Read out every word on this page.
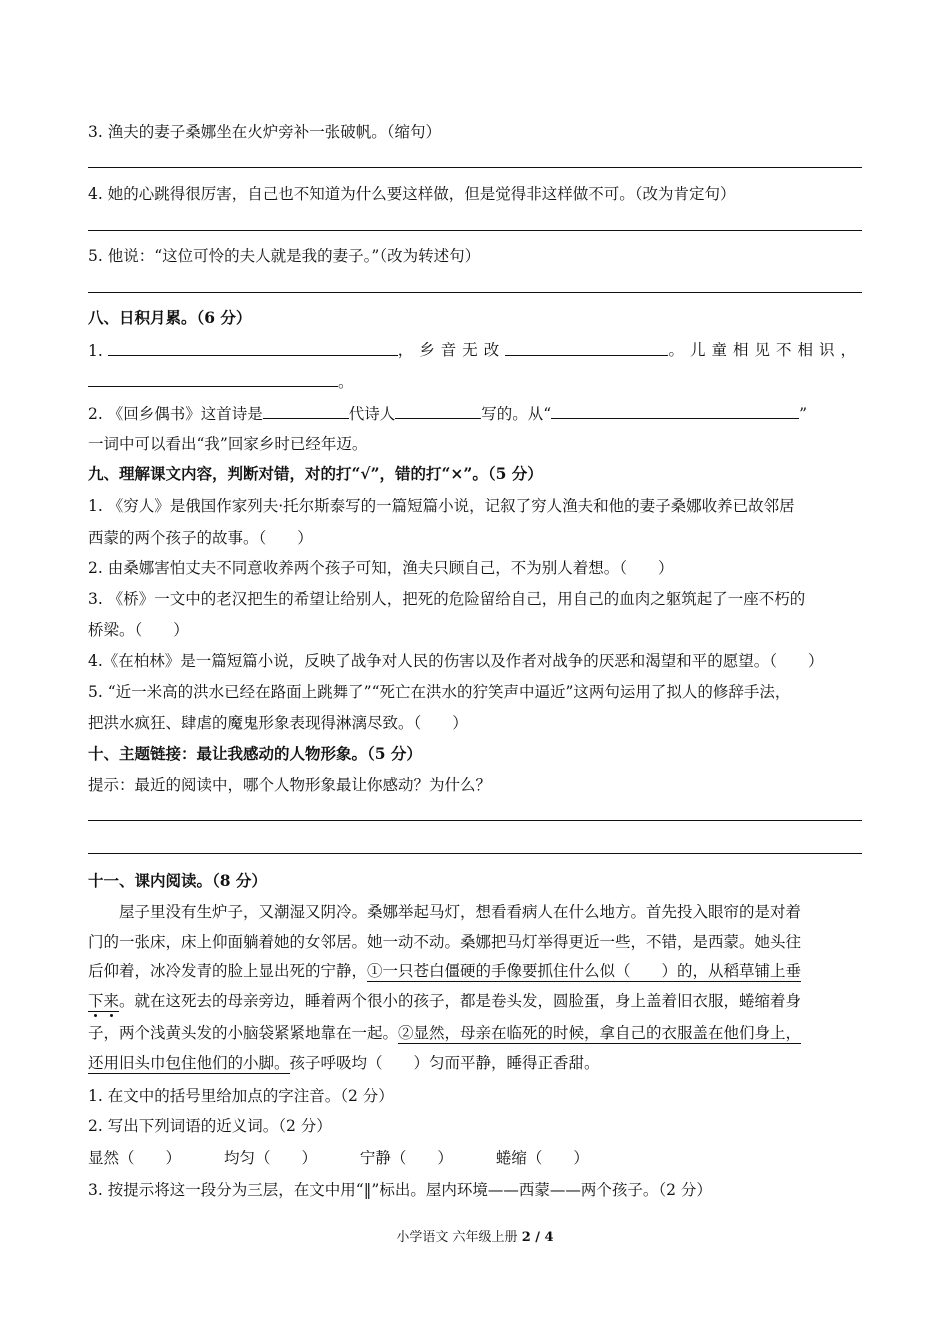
3. 渔夫的妻子桑娜坐在火炉旁补一张破帆。（缩句）
4. 她的心跳得很厉害，自己也不知道为什么要这样做，但是觉得非这样做不可。（改为肯定句）
5. 他说：“这位可怜的夫人就是我的妻子。”（改为转述句）
八、日积月累。（6 分）
1.	，乡音无改	。儿童相见不相识，
。
2. 《回乡偶书》这首诗是	代诗人	写的。从“	”
一词中可以看出“我”回家乡时已经年迈。
九、理解课文内容，判断对错，对的打“√”，错的打“×”。（5 分）
1. 《穷人》是俄国作家列夫·托尔斯泰写的一篇短篇小说，记叙了穷人渔夫和他的妻子桑娜收养已故邻居
西蒙的两个孩子的故事。（　　）
2. 由桑娜害怕丈夫不同意收养两个孩子可知，渔夫只顾自己，不为别人着想。（　　）
3. 《桥》一文中的老汉把生的希望让给别人，把死的危险留给自己，用自己的血肉之躯筑起了一座不朽的
桥梁。（　　）
4.《在柏林》是一篇短篇小说，反映了战争对人民的伤害以及作者对战争的厌恶和渴望和平的愿望。（　　）
5. “近一米高的洪水已经在路面上跳舞了”“死亡在洪水的狞笑声中逼近”这两句运用了拟人的修辞手法，
把洪水疯狂、肆虐的魔鬼形象表现得淋漓尽致。（　　）
十、主题链接：最让我感动的人物形象。（5 分）
提示：最近的阅读中，哪个人物形象最让你感动？为什么？
十一、课内阅读。（8 分）
屋子里没有生炉子，又潮湿又阴冷。桑娜举起马灯，想看看病人在什么地方。首先投入眼帘的是对着
门的一张床，床上仰面躺着她的女邻居。她一动不动。桑娜把马灯举得更近一些，不错，是西蒙。她头往
后仰着，冰冷发青的脸上显出死的宁静，①一只苍白僵硬的手像要抓住什么似（　　）的，从稻草铺上垂
下来。就在这死去的母亲旁边，睡着两个很小的孩子，都是卷头发，圆脸蛋，身上盖着旧衣服，蜷缩着身
子，两个浅黄头发的小脑袋紧紧地靠在一起。②显然，母亲在临死的时候，拿自己的衣服盖在他们身上，
还用旧头巾包住他们的小脚。孩子呼吸均（　　）匀而平静，睡得正香甜。
1. 在文中的括号里给加点的字注音。（2 分）
2. 写出下列词语的近义词。（2 分）
显然（　　）	均匀（　　）	宁静（　　）	蜷缩（　　）
3. 按提示将这一段分为三层，在文中用“‖”标出。屋内环境——西蒙——两个孩子。（2 分）
小学语文 六年级上册 2 / 4
